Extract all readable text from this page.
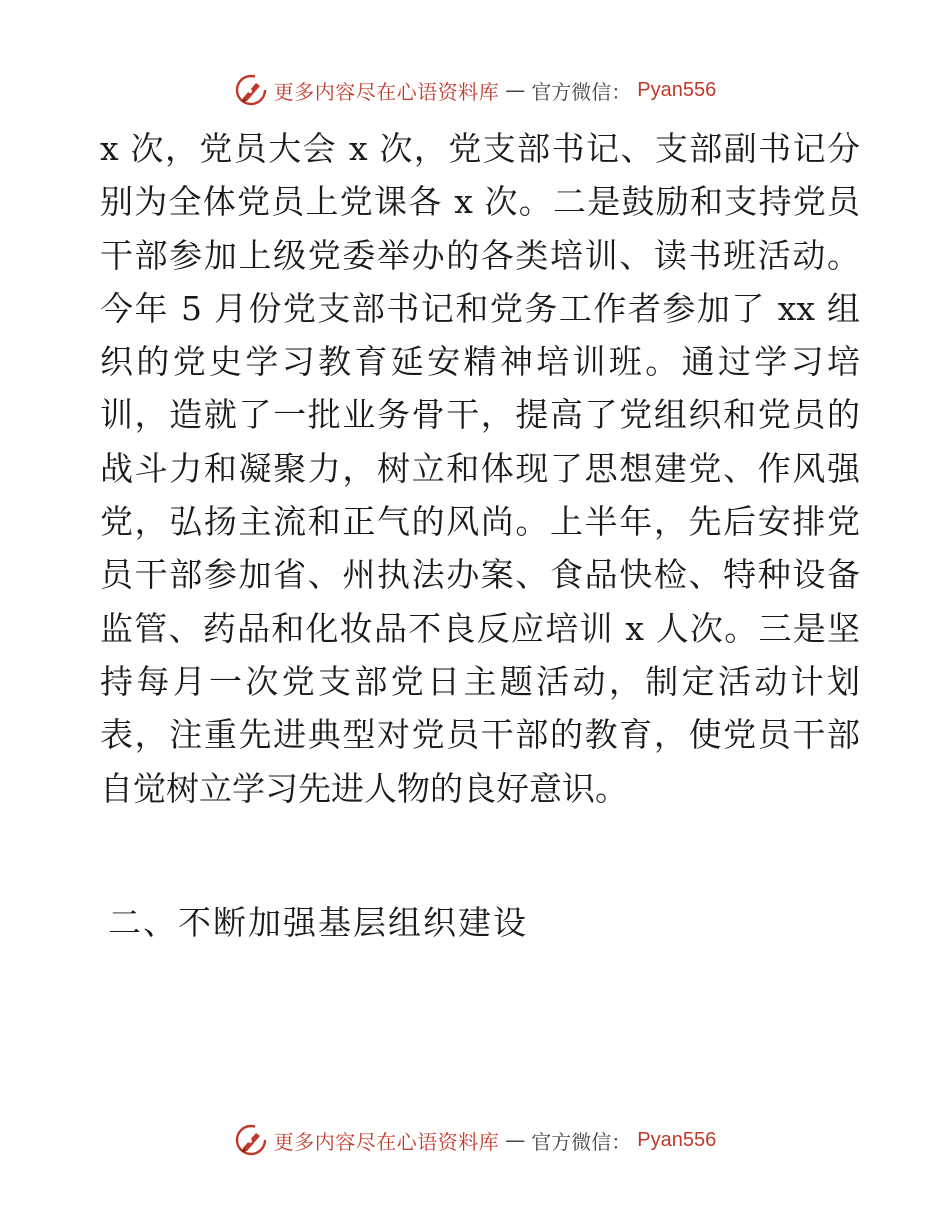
更多内容尽在心语资料库 — 官方微信： Pyan556
x 次，党员大会 x 次，党支部书记、支部副书记分
别为全体党员上党课各 x 次。二是鼓励和支持党员
干部参加上级党委举办的各类培训、读书班活动。
今年 5 月份党支部书记和党务工作者参加了 xx 组
织的党史学习教育延安精神培训班。通过学习培
训，造就了一批业务骨干，提高了党组织和党员的
战斗力和凝聚力，树立和体现了思想建党、作风强
党，弘扬主流和正气的风尚。上半年，先后安排党
员干部参加省、州执法办案、食品快检、特种设备
监管、药品和化妆品不良反应培训 x 人次。三是坚
持每月一次党支部党日主题活动，制定活动计划
表，注重先进典型对党员干部的教育，使党员干部
自觉树立学习先进人物的良好意识。
二、不断加强基层组织建设
更多内容尽在心语资料库 — 官方微信： Pyan556
